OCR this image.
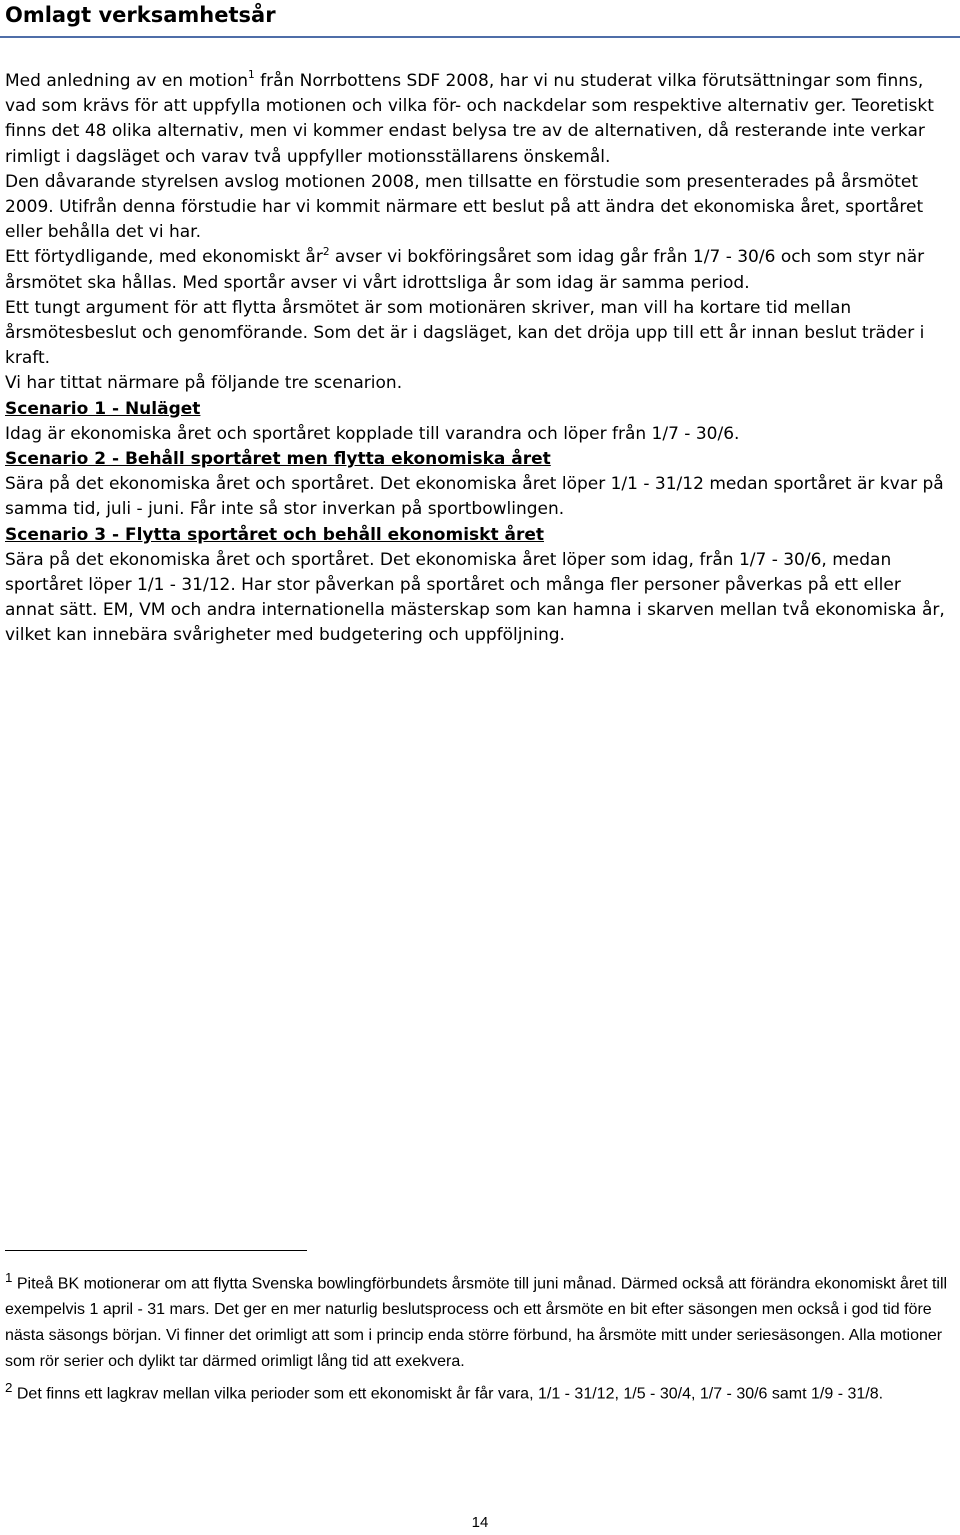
Omlagt verksamhetsår

Med anledning av en motion$^1$ från Norrbottens SDF 2008, har vi nu studerat vilka förutsättningar som finns, vad som krävs för att uppfylla motionen och vilka för- och nackdelar som respektive alternativ ger. Teoretiskt finns det 48 olika alternativ, men vi kommer endast belysa tre av de alternativen, då resterande inte verkar rimligt i dagsläget och varav två uppfyller motionsställarens önskemål.

Den dåvarande styrelsen avslog motionen 2008, men tillsatte en förstudie som presenterades på årsmötet 2009. Utifrån denna förstudie har vi kommit närmare ett beslut på att ändra det ekonomiska året, sportåret eller behålla det vi har.

Ett förtydligande, med ekonomiskt $år^2$ avser vi bokföringsåret som idag går från 1/7 - 30/6 och som styr när årsmötet ska hållas. Med sportår avser vi vårt idrottsliga år som idag är samma period.

Ett tungt argument för att flytta årsmötet är som motionären skriver, man vill ha kortare tid mellan årsmötesbeslut och genomförande. Som det är i dagsläget, kan det dröja upp till ett år innan beslut träder i kraft.

Vi har tittat närmare på följande tre scenarion.

Scenario 1 - Nuläget

Idag är ekonomiska året och sportåret kopplade till varandra och löper från 1/7 - 30/6.

Scenario 2 - Behåll sportåret men flytta ekonomiska året

Sära på det ekonomiska året och sportåret. Det ekonomiska året löper 1/1 - 31/12 medan sportåret är kvar på samma tid, juli - juni. Får inte så stor inverkan på sportbowlingen.

Scenario 3 - Flytta sportåret och behåll ekonomiskt året

Sära på det ekonomiska året och sportåret. Det ekonomiska året löper som idag, från 1/7 - 30/6, medan sportåret löper 1/1 - 31/12. Har stor påverkan på sportåret och många fler personer påverkas på ett eller annat sätt. EM, VM och andra internationella mästerskap som kan hamna i skarven mellan två ekonomiska år, vilket kan innebära svårigheter med budgetering och uppföljning.

$^1$ Piteå BK motionerar om att flytta Svenska bowlingförbundets årsmöte till juni månad. Därmed också att förändra ekonomiskt året till exempelvis 1 april - 31 mars. Det ger en mer naturlig beslutsprocess och ett årsmöte en bit efter säsongen men också i god tid före nästa säsongs början. Vi finner det orimligt att som i princip enda större förbund, ha årsmöte mitt under seriesäsongen. Alla motioner som rör serier och dylikt tar därmed orimligt lång tid att exekvera.

$^2$ Det finns ett lagkrav mellan vilka perioder som ett ekonomiskt år får vara, 1/1 - 31/12, 1/5 - 30/4, 1/7 - 30/6 samt 1/9 - 31/8.

14
